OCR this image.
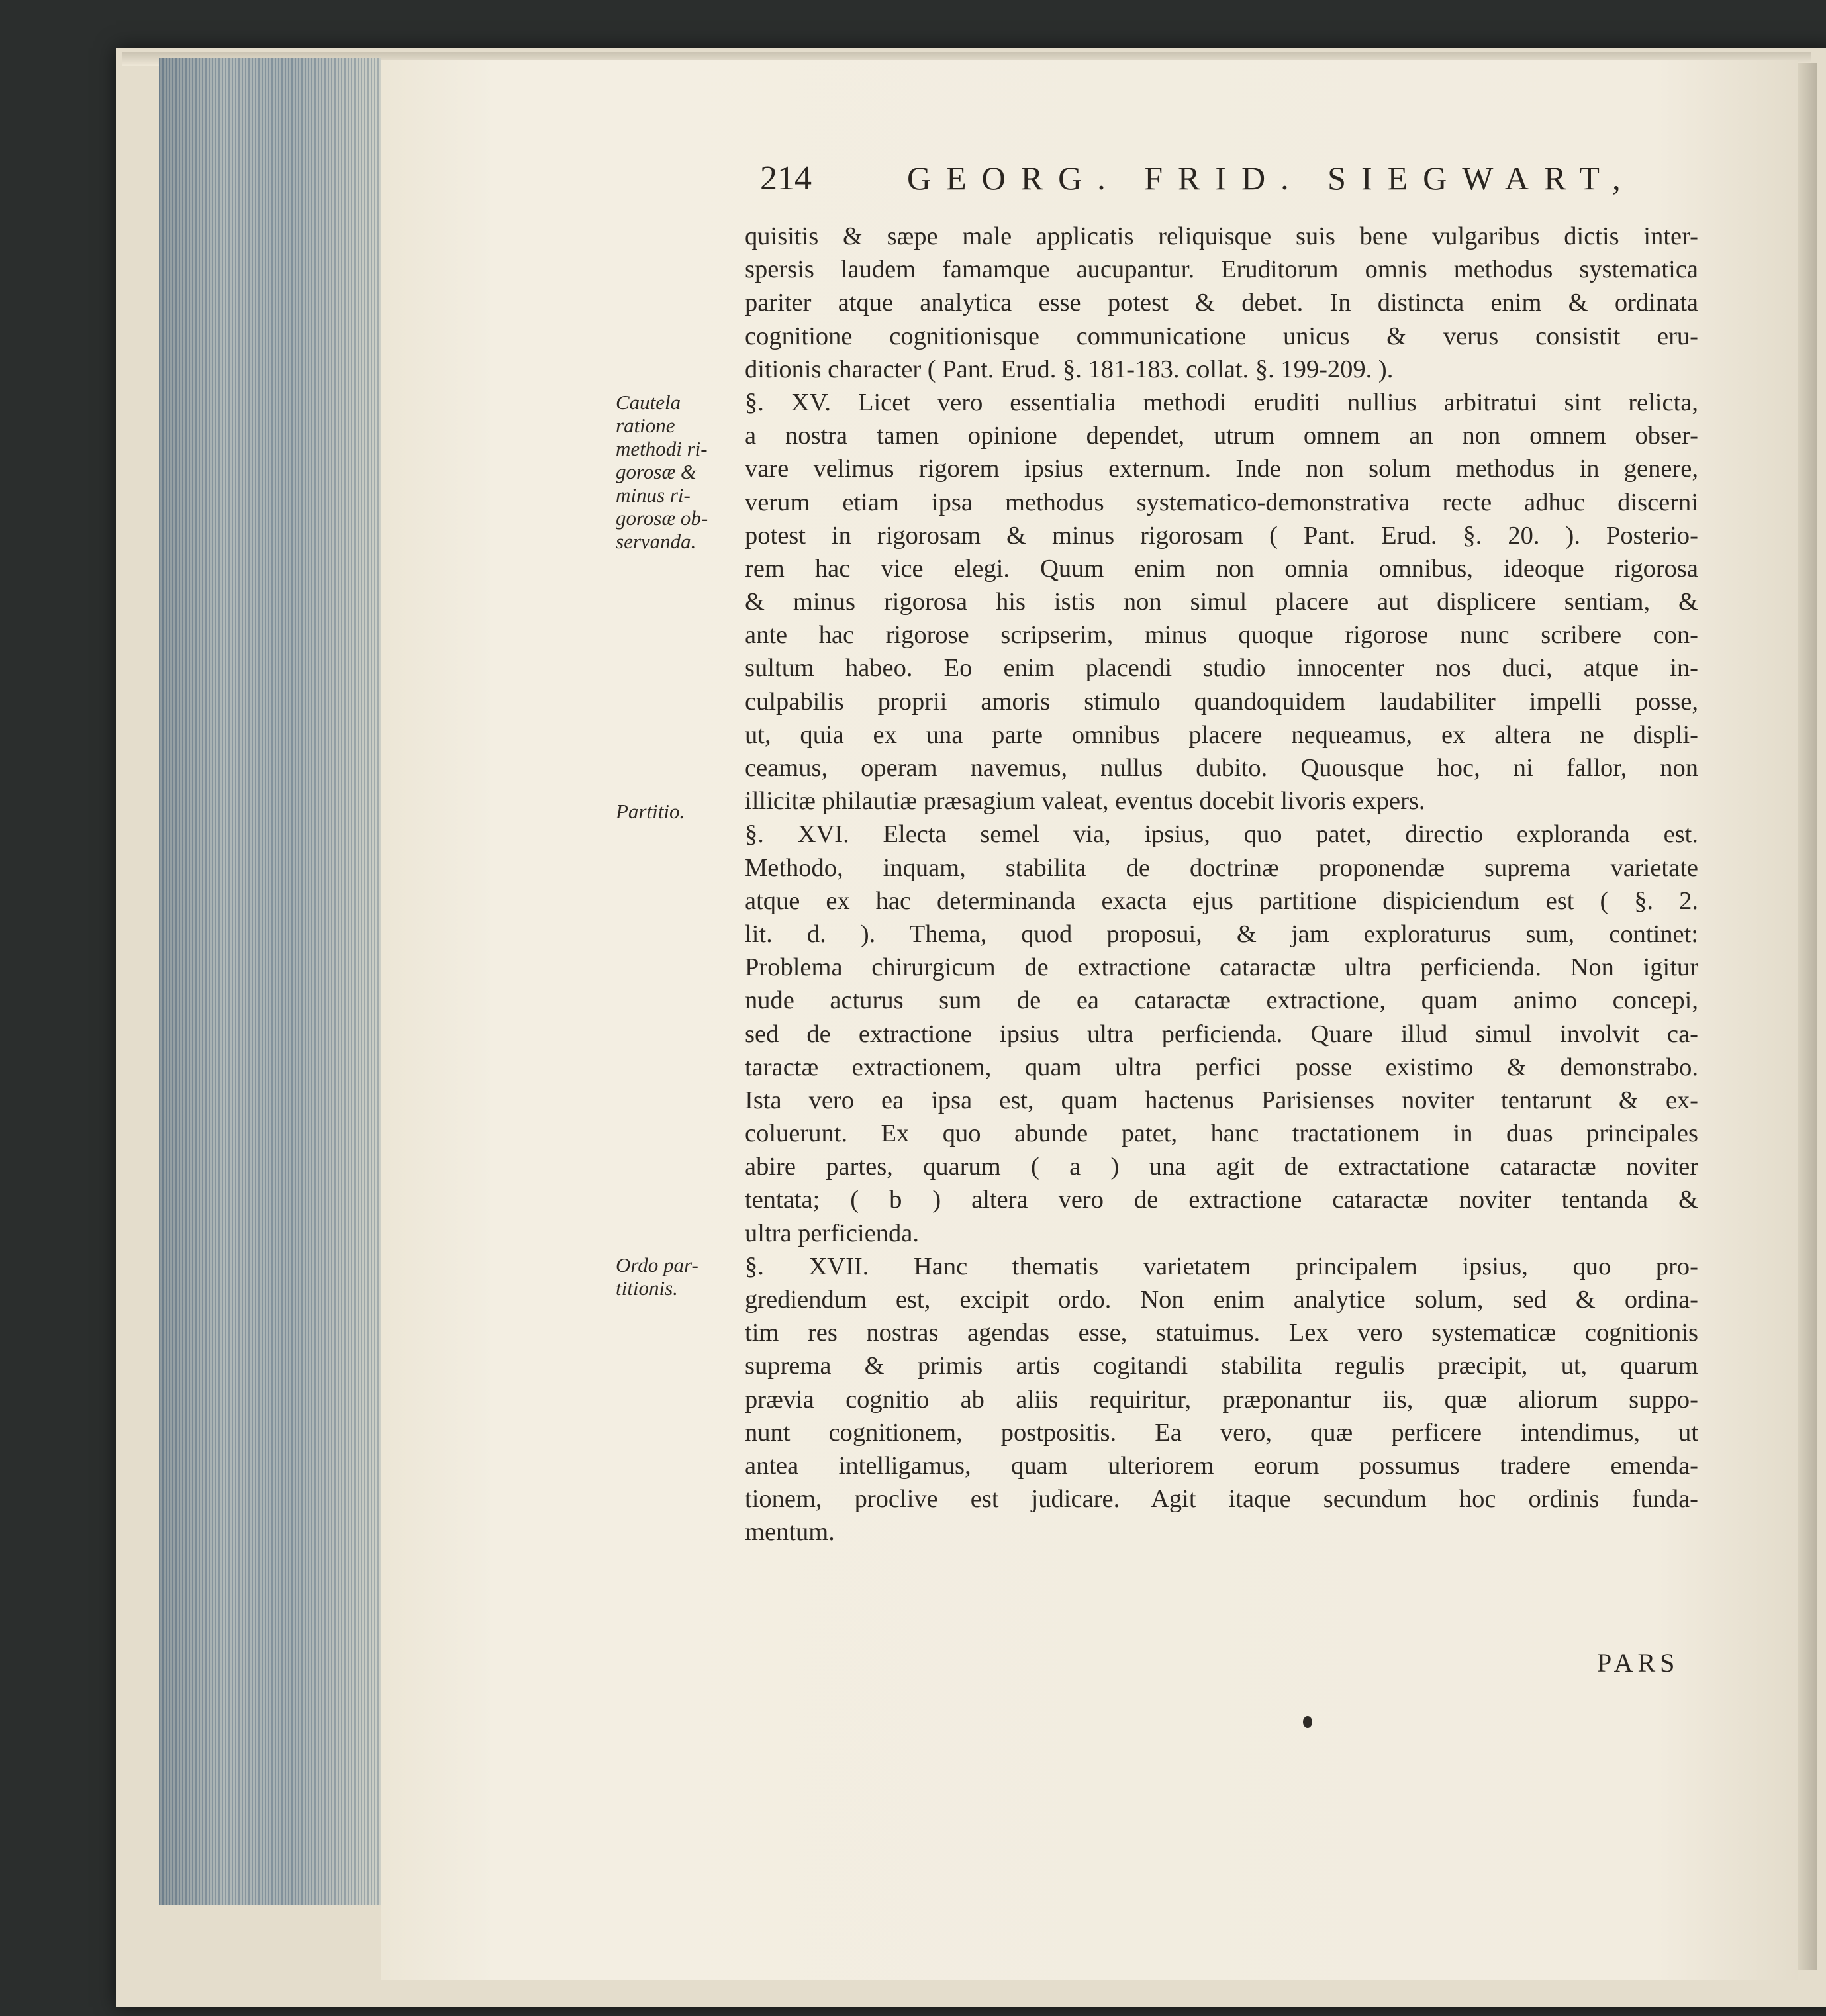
214	GEORG. FRID. SIEGWART,
Cautela
ratione
methodi ri-
gorosæ &
minus ri-
gorosæ ob-
servanda.
Partitio.
Ordo par-
titionis.
quisitis & sæpe male applicatis reliquisque suis bene vulgaribus dictis inter-
spersis laudem famamque aucupantur. Eruditorum omnis methodus systematica
pariter atque analytica esse potest & debet. In distincta enim & ordinata
cognitione cognitionisque communicatione unicus & verus consistit eru-
ditionis character ( Pant. Erud. §. 181-183. collat. §. 199-209. ).
§. XV. Licet vero essentialia methodi eruditi nullius arbitratui sint relicta,
a nostra tamen opinione dependet, utrum omnem an non omnem obser-
vare velimus rigorem ipsius externum. Inde non solum methodus in genere,
verum etiam ipsa methodus systematico-demonstrativa recte adhuc discerni
potest in rigorosam & minus rigorosam ( Pant. Erud. §. 20. ). Posterio-
rem hac vice elegi. Quum enim non omnia omnibus, ideoque rigorosa
& minus rigorosa his istis non simul placere aut displicere sentiam, &
ante hac rigorose scripserim, minus quoque rigorose nunc scribere con-
sultum habeo. Eo enim placendi studio innocenter nos duci, atque in-
culpabilis proprii amoris stimulo quandoquidem laudabiliter impelli posse,
ut, quia ex una parte omnibus placere nequeamus, ex altera ne displi-
ceamus, operam navemus, nullus dubito. Quousque hoc, ni fallor, non
illicitæ philautiæ præsagium valeat, eventus docebit livoris expers.
§. XVI. Electa semel via, ipsius, quo patet, directio exploranda est.
Methodo, inquam, stabilita de doctrinæ proponendæ suprema varietate
atque ex hac determinanda exacta ejus partitione dispiciendum est ( §. 2.
lit. d. ). Thema, quod proposui, & jam exploraturus sum, continet:
Problema chirurgicum de extractione cataractæ ultra perficienda. Non igitur
nude acturus sum de ea cataractæ extractione, quam animo concepi,
sed de extractione ipsius ultra perficienda. Quare illud simul involvit ca-
taractæ extractionem, quam ultra perfici posse existimo & demonstrabo.
Ista vero ea ipsa est, quam hactenus Parisienses noviter tentarunt & ex-
coluerunt. Ex quo abunde patet, hanc tractationem in duas principales
abire partes, quarum ( a ) una agit de extractatione cataractæ noviter
tentata; ( b ) altera vero de extractione cataractæ noviter tentanda &
ultra perficienda.
§. XVII. Hanc thematis varietatem principalem ipsius, quo pro-
grediendum est, excipit ordo. Non enim analytice solum, sed & ordina-
tim res nostras agendas esse, statuimus. Lex vero systematicæ cognitionis
suprema & primis artis cogitandi stabilita regulis præcipit, ut, quarum
prævia cognitio ab aliis requiritur, præponantur iis, quæ aliorum suppo-
nunt cognitionem, postpositis. Ea vero, quæ perficere intendimus, ut
antea intelligamus, quam ulteriorem eorum possumus tradere emenda-
tionem, proclive est judicare. Agit itaque secundum hoc ordinis funda-
mentum.
PARS
